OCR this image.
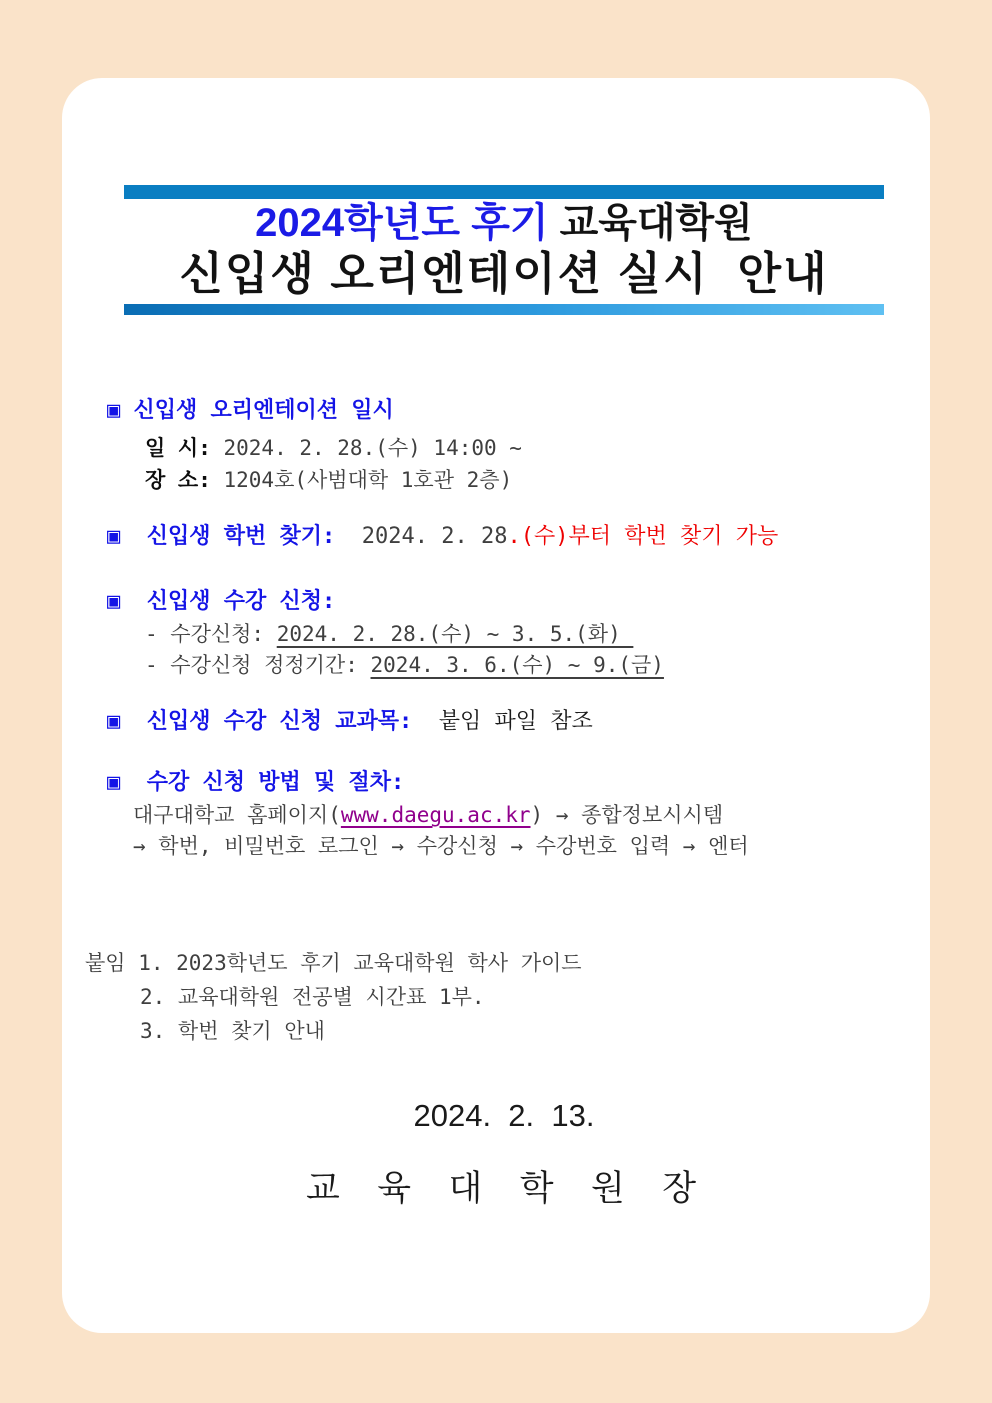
2024학년도 후기 교육대학원
신입생 오리엔테이션 실시  안내
▣ 신입생 오리엔테이션 일시
일 시: 2024. 2. 28.(수) 14:00 ~
장 소: 1204호(사범대학 1호관 2층)
▣  신입생 학번 찾기:  2024. 2. 28.(수)부터 학번 찾기 가능
▣  신입생 수강 신청:
- 수강신청: 2024. 2. 28.(수) ~ 3. 5.(화)
- 수강신청 정정기간: 2024. 3. 6.(수) ~ 9.(금)
▣  신입생 수강 신청 교과목:  붙임 파일 참조
▣  수강 신청 방법 및 절차:
대구대학교 홈페이지(www.daegu.ac.kr) → 종합정보시시템
→ 학번, 비밀번호 로그인 → 수강신청 → 수강번호 입력 → 엔터
붙임 1. 2023학년도 후기 교육대학원 학사 가이드
2. 교육대학원 전공별 시간표 1부.
3. 학번 찾기 안내
2024.  2.  13.
교  육  대  학  원  장
